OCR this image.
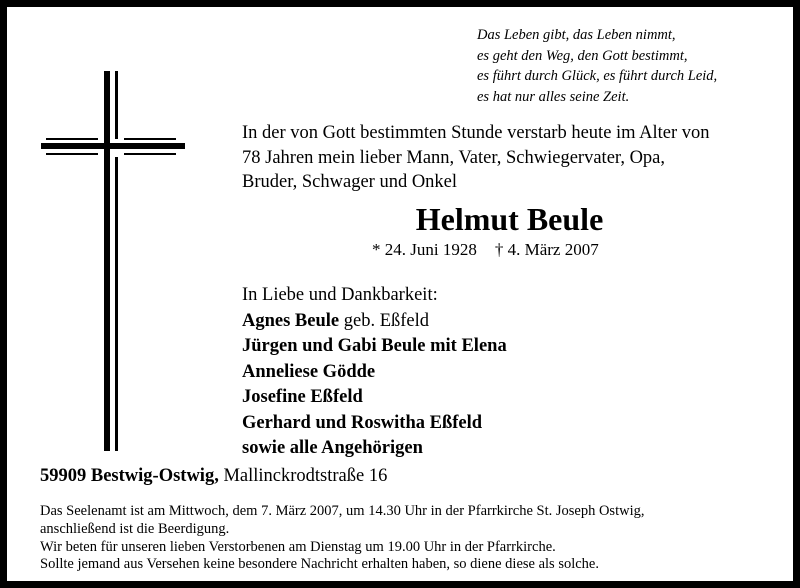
Das Leben gibt, das Leben nimmt,
es geht den Weg, den Gott bestimmt,
es führt durch Glück, es führt durch Leid,
es hat nur alles seine Zeit.
In der von Gott bestimmten Stunde verstarb heute im Alter von
78 Jahren mein lieber Mann, Vater, Schwiegervater, Opa,
Bruder, Schwager und Onkel
Helmut Beule
* 24. Juni 1928 † 4. März 2007
In Liebe und Dankbarkeit:
Agnes Beule geb. Eßfeld
Jürgen und Gabi Beule mit Elena
Anneliese Gödde
Josefine Eßfeld
Gerhard und Roswitha Eßfeld
sowie alle Angehörigen
59909 Bestwig-Ostwig, Mallinckrodtstraße 16
Das Seelenamt ist am Mittwoch, dem 7. März 2007, um 14.30 Uhr in der Pfarrkirche St. Joseph Ostwig,
anschließend ist die Beerdigung.
Wir beten für unseren lieben Verstorbenen am Dienstag um 19.00 Uhr in der Pfarrkirche.
Sollte jemand aus Versehen keine besondere Nachricht erhalten haben, so diene diese als solche.
